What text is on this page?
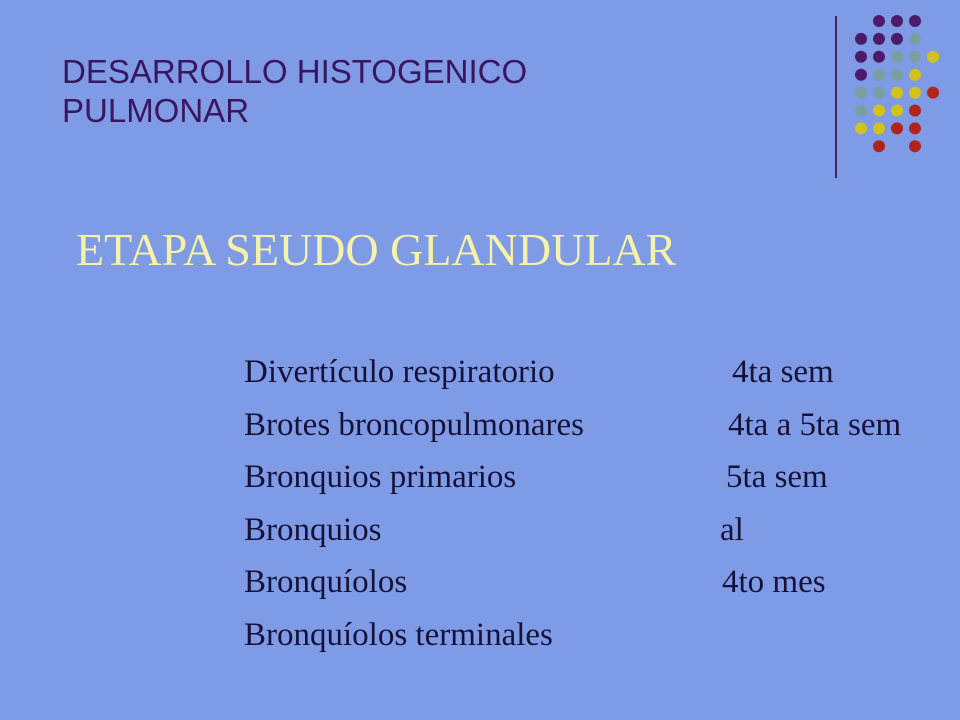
DESARROLLO HISTOGENICO
PULMONAR
ETAPA SEUDO GLANDULAR
Divertículo respiratorio	4ta sem
Brotes broncopulmonares	4ta a 5ta sem
Bronquios primarios	5ta sem
Bronquios	al
Bronquíolos	4to mes
Bronquíolos terminales
